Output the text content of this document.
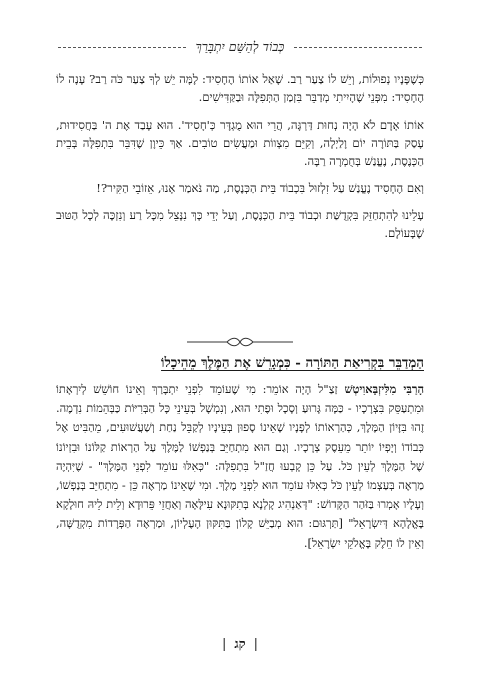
כְּבוֹד לְהַשֵּׁם יִתְבָּרַךְ

כְּשֶׁפָּנָיו נְפוּלוֹת, וְיֵשׁ לוֹ צַעַר רַב. שָׁאַל אוֹתוֹ הֶחָסִיד: לָמָּה יֵשׁ לְךָ צַעַר כֹּה רַב? עָנָה לוֹ הֶחָסִיד: מִפְּנֵי שֶׁהָיִיתִי מְדַבֵּר בִּזְמַן הַתְּפִלָּה וּבַקַּדִּישִׁים.

אוֹתוֹ אָדָם לֹא הָיָה נְחוּת דַּרְגָּה, הֲרֵי הוּא מֻגְדָּר כְּ'חָסִיד'. הוּא עָבַד אֶת ה' בַּחֲסִידוּת, עָסַק בַּתּוֹרָה יוֹם וָלַיְלָה, וְקִיֵּם מִצְווֹת וּמַעֲשִׂים טוֹבִים. אַךְ כֵּיוָן שֶׁדִּבֵּר בִּתְפִלָּה בְּבֵית הַכְּנֶסֶת, נֶעֱנַשׁ בְּחֻמְרָה רַבָּה.

וְאִם הֶחָסִיד נֶעֱנַשׁ עַל זִלְזוּל בִּכְבוֹד בֵּית הַכְּנֶסֶת, מַה נֹּאמַר אָנוּ, אֵזוֹבֵי הַקִּיר?!

עָלֵינוּ לְהִתְחַזֵּק בִּקְדֻשַּׁת וּכְבוֹד בֵּית הַכְּנֶסֶת, וְעַל יְדֵי כָּךְ נִנָּצֵל מִכָּל רַע וְנִזְכֶּה לְכָל הַטּוּב שֶׁבָּעוֹלָם.

הַמְדַבֵּר בִּקְרִיאַת הַתּוֹרָה - כִּמְגָרֵשׁ אֶת הַמֶּלֶךְ מֵהֵיכָלוֹ

הָרַבִּי מִלִּיזְבָּאוִיטְשׁ זַצַ"ל הָיָה אוֹמֵר: מִי שֶׁעוֹמֵד לִפְנֵי יִתְבָּרַךְ וְאֵינוֹ חוֹשֵׁשׁ לְיִרְאָתוֹ וּמִתְעַסֵּק בִּצְרָכָיו - כַּמָּה גָּרוּעַ וְסָכָל וּפֶתִי הוּא, וְנִמְשָׁל בְּעֵינֵי כָּל הַבְּרִיּוֹת כַּבְּהֵמוֹת נִדְמֶה. זֶהוּ בִּזָּיוֹן הַמֶּלֶךְ, כְּהַרְאוֹתוֹ לְפָנָיו שֶׁאֵינוֹ סָפוּן בְּעֵינָיו לְקַבֵּל נַחַת וְשַׁעֲשׁוּעִים, מֵהַבִּיט אֶל כְּבוֹדוֹ וְיָפְיוֹ יוֹתֵר מֵעֵסֶק צְרָכָיו. וְגַם הוּא מִתְחַיֵּב בְּנַפְשׁוֹ לַמֶּלֶךְ עַל הַרְאוֹת קַלּוֹנוֹ וּבִזְיוֹנוֹ שֶׁל הַמֶּלֶךְ לְעֵין כֹּל. עַל כֵּן קָבְעוּ חֲזַ"ל בִּתְפִלָּה: "כְּאִלּוּ עוֹמֵד לִפְנֵי הַמֶּלֶךְ" - שֶׁיִּהְיֶה מַרְאֶה בְּעַצְמוֹ לְעֵין כֹּל כְּאִלּוּ עוֹמֵד הוּא לִפְנֵי מֶלֶךְ. וּמִי שֶׁאֵינוֹ מַרְאֶה כֵּן - מִתְחַיֵּב בְּנַפְשׁוֹ, וְעָלָיו אָמְרוּ בַּזֹּהַר הַקָּדוֹשׁ: "דְּאַנְהִיג קָלְנָא בְּתִקּוּנָא עִילָּאָה וְאַחֲזֵי פֵּרוּדָא וְלֵית לֵיהּ חוּלָקָא בֶּאֱלָהָא דְּיִשְׂרָאֵל" [תַּרְגּוּם: הוּא מְבַיֵּשׁ קָלוֹן בַּתִּקּוּן הָעֶלְיוֹן, וּמַרְאֶה הַפְּרָדוֹת מִקְדֻשָּׁה, וְאֵין לוֹ חֵלֶק בֶּאֱלֹקֵי יִשְׂרָאֵל].

|
קג
|
